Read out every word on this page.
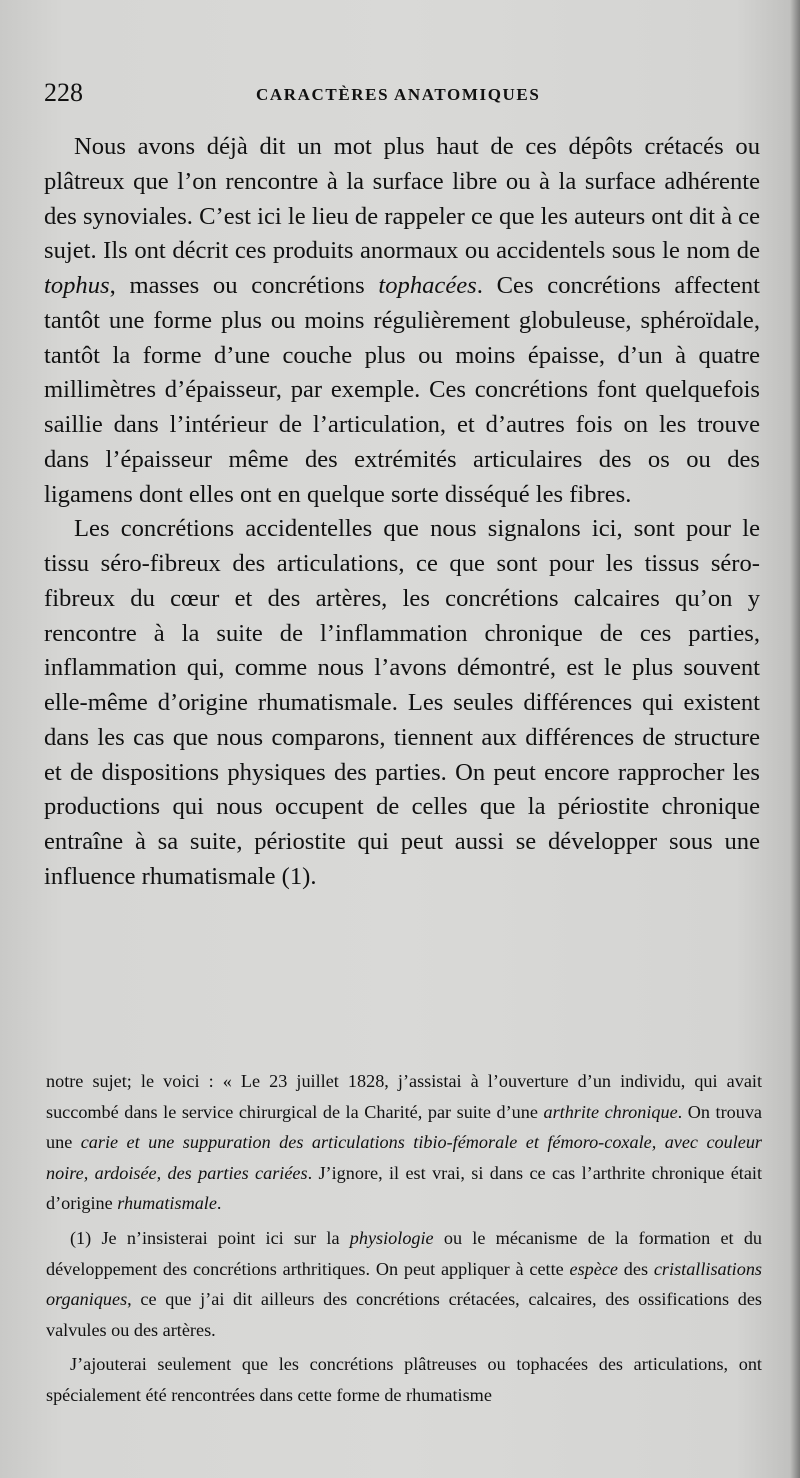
228	CARACTÈRES ANATOMIQUES

Nous avons déjà dit un mot plus haut de ces dépôts crétacés ou plâtreux que l’on rencontre à la surface libre ou à la surface adhérente des synoviales. C’est ici le lieu de rappeler ce que les auteurs ont dit à ce sujet. Ils ont décrit ces produits anormaux ou accidentels sous le nom de tophus, masses ou concrétions tophacées. Ces concrétions affectent tantôt une forme plus ou moins régulièrement globuleuse, sphéroïdale, tantôt la forme d’une couche plus ou moins épaisse, d’un à quatre millimètres d’épaisseur, par exemple. Ces concrétions font quelquefois saillie dans l’intérieur de l’articulation, et d’autres fois on les trouve dans l’épaisseur même des extrémités articulaires des os ou des ligamens dont elles ont en quelque sorte disséqué les fibres.

Les concrétions accidentelles que nous signalons ici, sont pour le tissu séro-fibreux des articulations, ce que sont pour les tissus séro-fibreux du cœur et des artères, les concrétions calcaires qu’on y rencontre à la suite de l’inflammation chronique de ces parties, inflammation qui, comme nous l’avons démontré, est le plus souvent elle-même d’origine rhumatismale. Les seules différences qui existent dans les cas que nous comparons, tiennent aux différences de structure et de dispositions physiques des parties. On peut encore rapprocher les productions qui nous occupent de celles que la périostite chronique entraîne à sa suite, périostite qui peut aussi se développer sous une influence rhumatismale (1).

notre sujet; le voici : « Le 23 juillet 1828, j’assistai à l’ouverture d’un individu, qui avait succombé dans le service chirurgical de la Charité, par suite d’une arthrite chronique. On trouva une carie et une suppuration des articulations tibio-fémorale et fémoro-coxale, avec couleur noire, ardoisée, des parties cariées. J’ignore, il est vrai, si dans ce cas l’arthrite chronique était d’origine rhumatismale.

(1) Je n’insisterai point ici sur la physiologie ou le mécanisme de la formation et du développement des concrétions arthritiques. On peut appliquer à cette espèce des cristallisations organiques, ce que j’ai dit ailleurs des concrétions crétacées, calcaires, des ossifications des valvules ou des artères.

J’ajouterai seulement que les concrétions plâtreuses ou tophacées des articulations, ont spécialement été rencontrées dans cette forme de rhumatisme
